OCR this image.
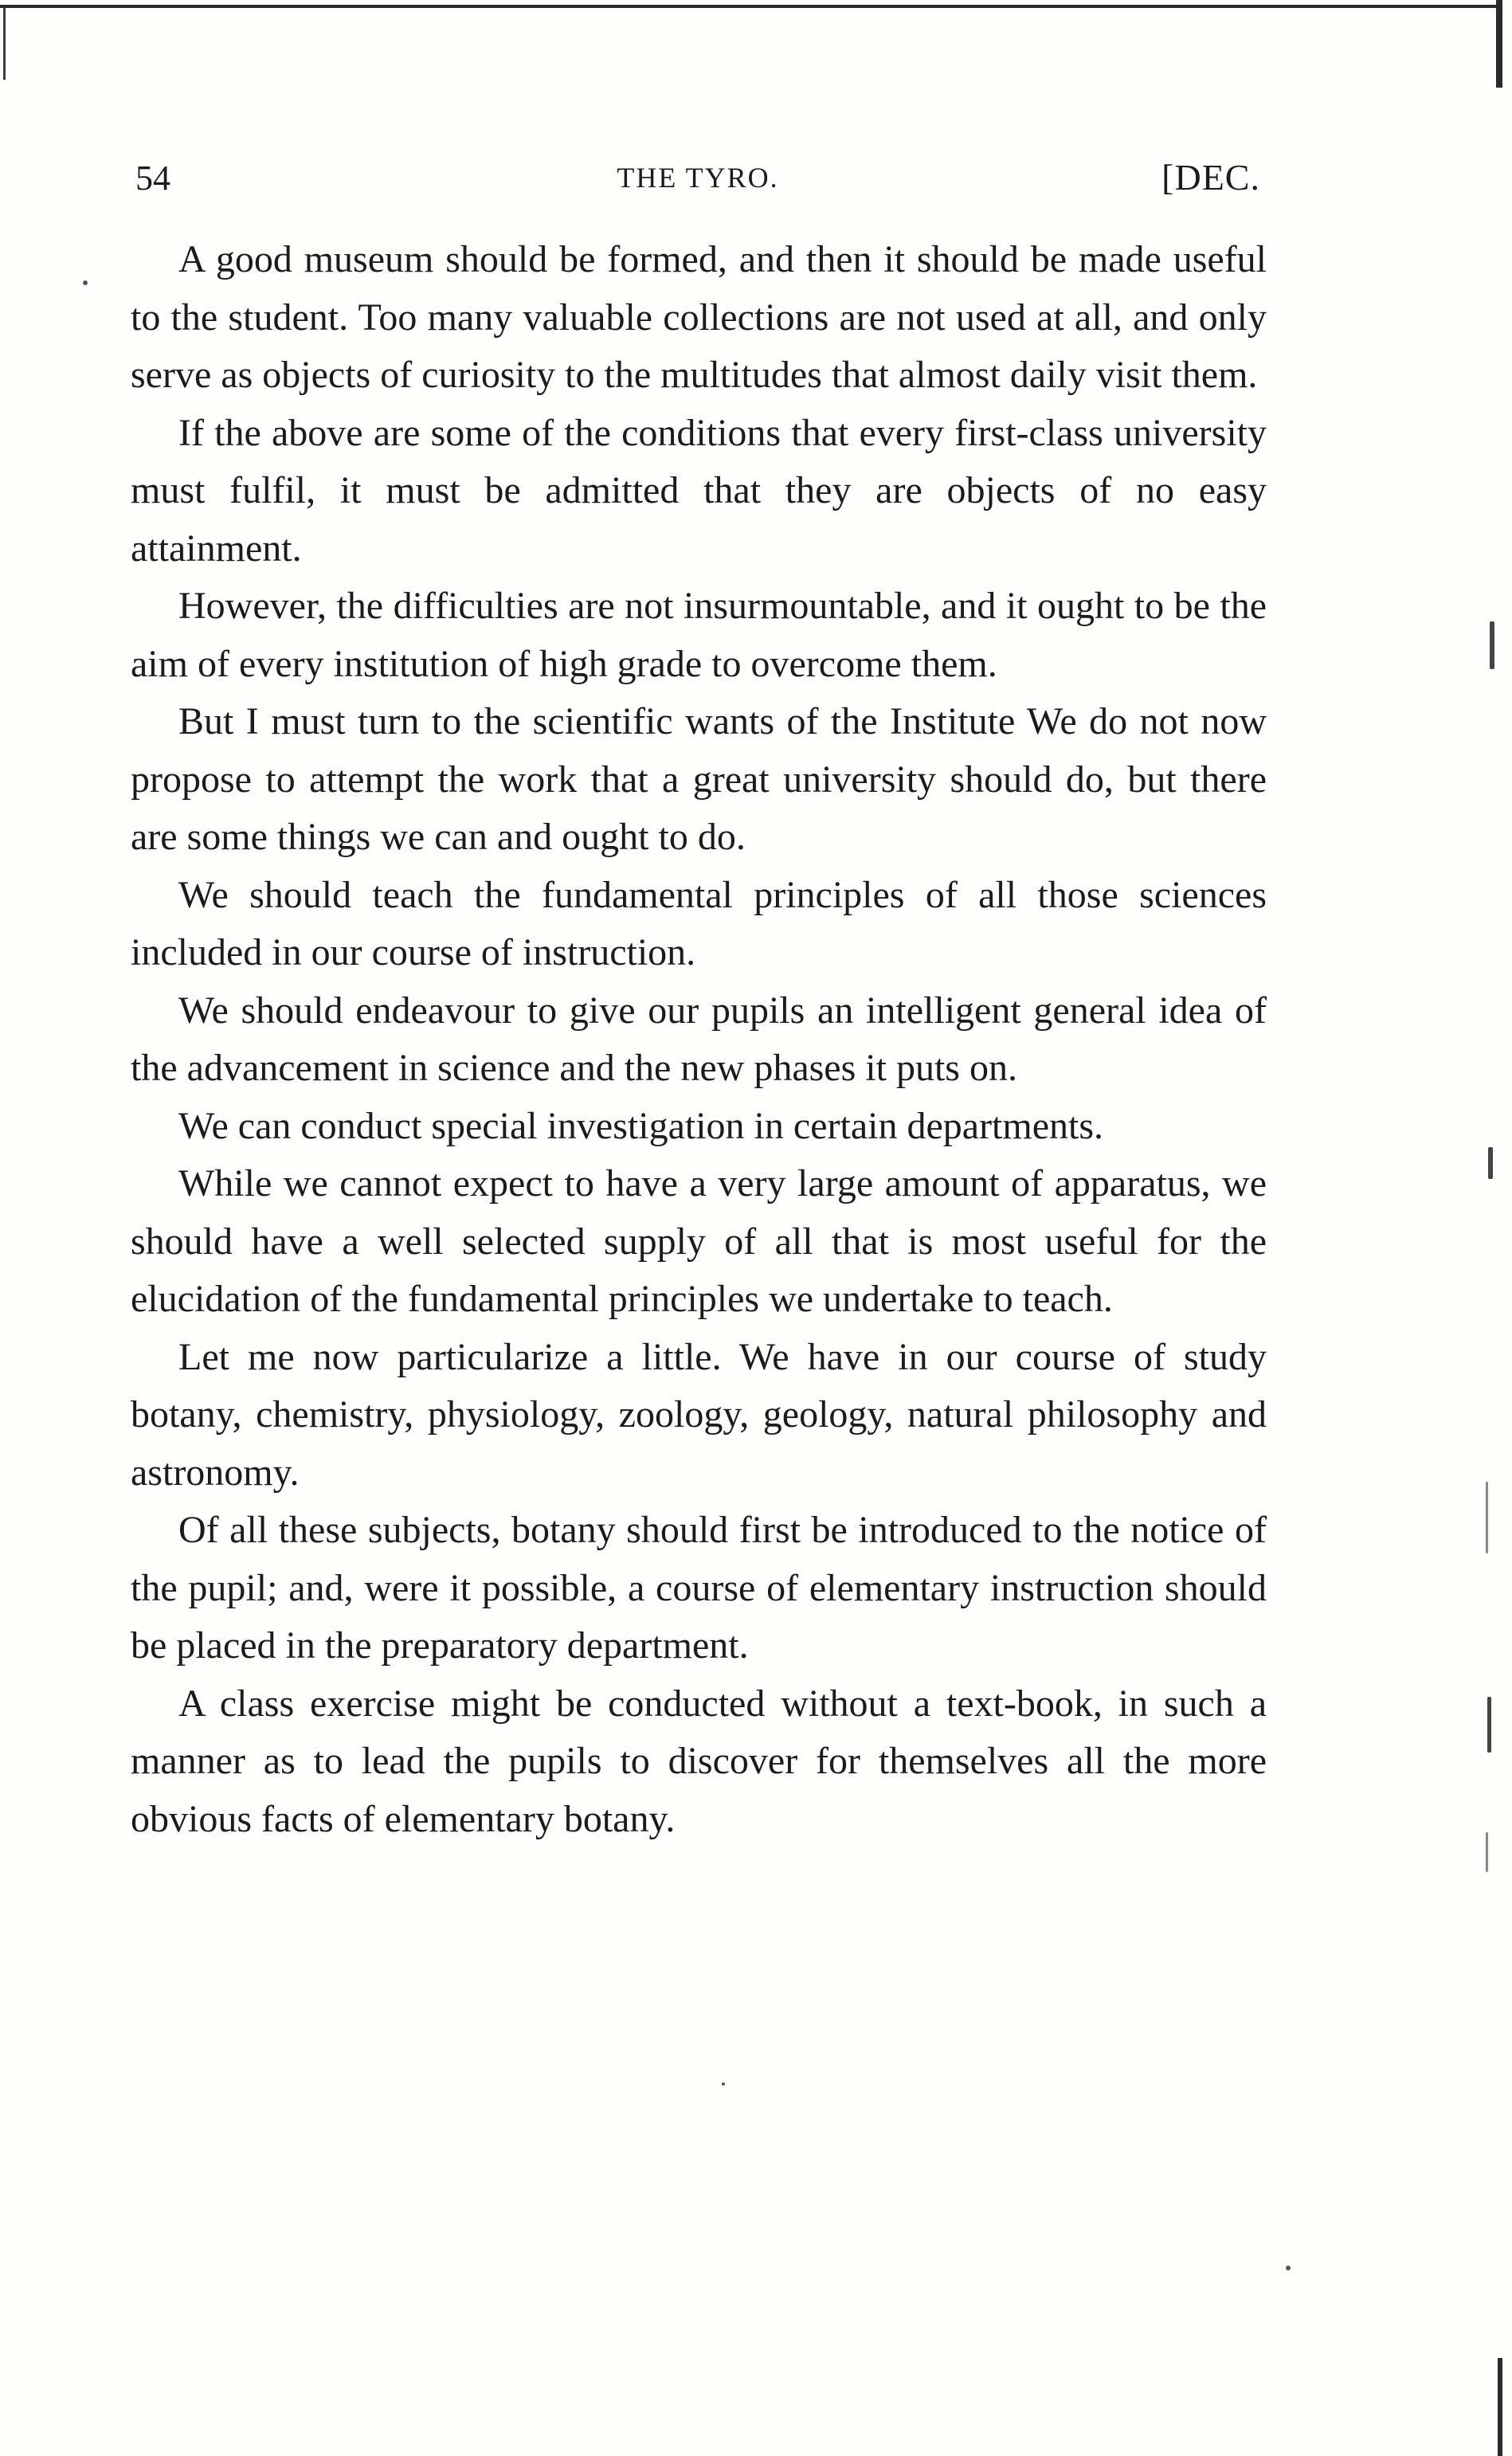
54	THE TYRO.	[DEC.

A good museum should be formed, and then it should be made useful to the student. Too many valuable collections are not used at all, and only serve as objects of curiosity to the multitudes that almost daily visit them.

If the above are some of the conditions that every first-class university must fulfil, it must be admitted that they are objects of no easy attainment.

However, the difficulties are not insurmountable, and it ought to be the aim of every institution of high grade to overcome them.

But I must turn to the scientific wants of the Institute We do not now propose to attempt the work that a great university should do, but there are some things we can and ought to do.

We should teach the fundamental principles of all those sciences included in our course of instruction.

We should endeavour to give our pupils an intelligent general idea of the advancement in science and the new phases it puts on.

We can conduct special investigation in certain departments.

While we cannot expect to have a very large amount of apparatus, we should have a well selected supply of all that is most useful for the elucidation of the fundamental principles we undertake to teach.

Let me now particularize a little. We have in our course of study botany, chemistry, physiology, zoology, geology, natural philosophy and astronomy.

Of all these subjects, botany should first be introduced to the notice of the pupil; and, were it possible, a course of elementary instruction should be placed in the preparatory department.

A class exercise might be conducted without a text-book, in such a manner as to lead the pupils to discover for themselves all the more obvious facts of elementary botany.
